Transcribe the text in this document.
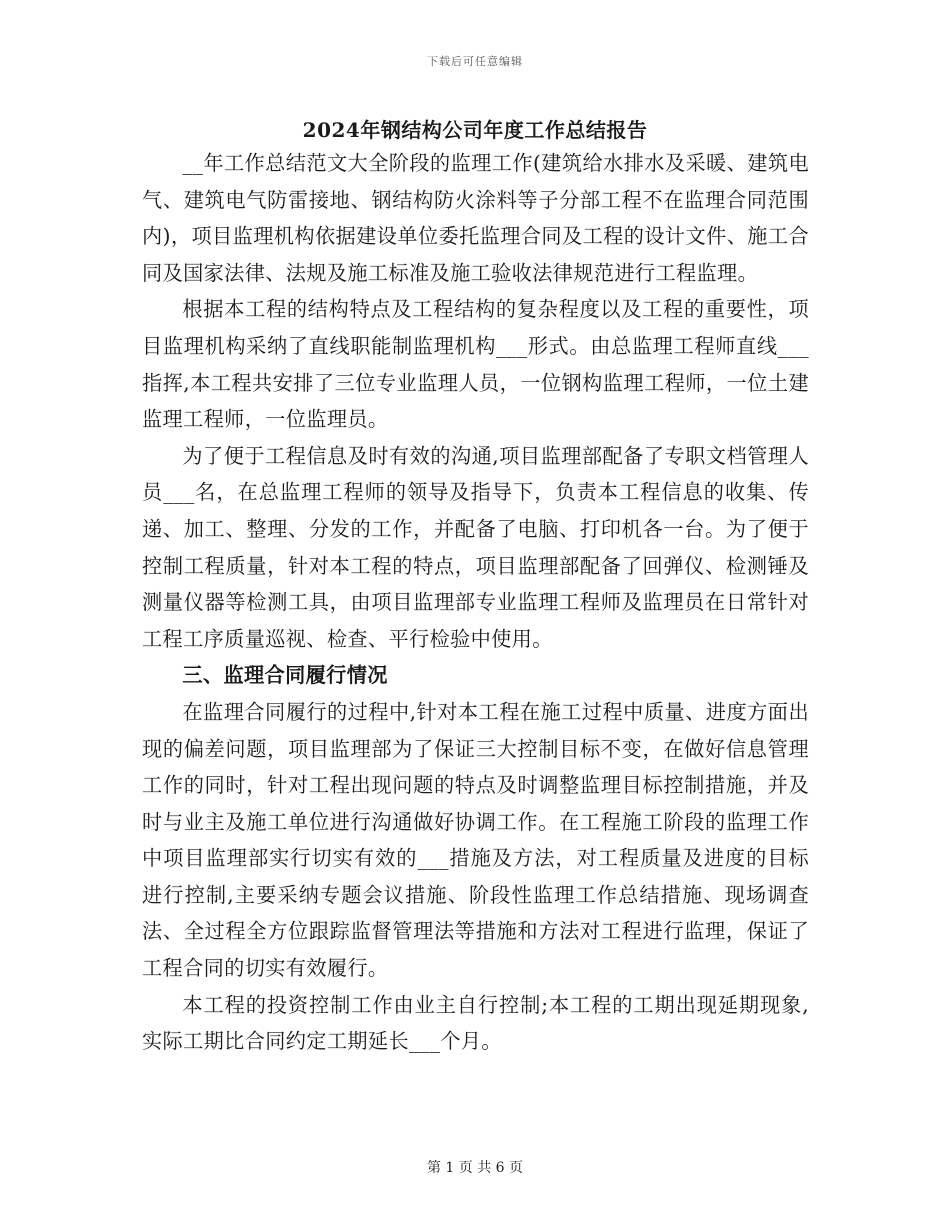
下载后可任意编辑
2024年钢结构公司年度工作总结报告

__年工作总结范文大全阶段的监理工作(建筑给水排水及采暖、建筑电气、建筑电气防雷接地、钢结构防火涂料等子分部工程不在监理合同范围内)，项目监理机构依据建设单位委托监理合同及工程的设计文件、施工合同及国家法律、法规及施工标准及施工验收法律规范进行工程监理。

根据本工程的结构特点及工程结构的复杂程度以及工程的重要性，项目监理机构采纳了直线职能制监理机构___形式。由总监理工程师直线___指挥,本工程共安排了三位专业监理人员，一位钢构监理工程师，一位土建监理工程师，一位监理员。

为了便于工程信息及时有效的沟通,项目监理部配备了专职文档管理人员___名，在总监理工程师的领导及指导下，负责本工程信息的收集、传递、加工、整理、分发的工作，并配备了电脑、打印机各一台。为了便于控制工程质量，针对本工程的特点，项目监理部配备了回弹仪、检测锤及测量仪器等检测工具，由项目监理部专业监理工程师及监理员在日常针对工程工序质量巡视、检查、平行检验中使用。

三、监理合同履行情况

在监理合同履行的过程中,针对本工程在施工过程中质量、进度方面出现的偏差问题，项目监理部为了保证三大控制目标不变，在做好信息管理工作的同时，针对工程出现问题的特点及时调整监理目标控制措施，并及时与业主及施工单位进行沟通做好协调工作。在工程施工阶段的监理工作中项目监理部实行切实有效的___措施及方法，对工程质量及进度的目标进行控制,主要采纳专题会议措施、阶段性监理工作总结措施、现场调查法、全过程全方位跟踪监督管理法等措施和方法对工程进行监理，保证了工程合同的切实有效履行。

本工程的投资控制工作由业主自行控制;本工程的工期出现延期现象,实际工期比合同约定工期延长___个月。

第 1 页 共 6 页
